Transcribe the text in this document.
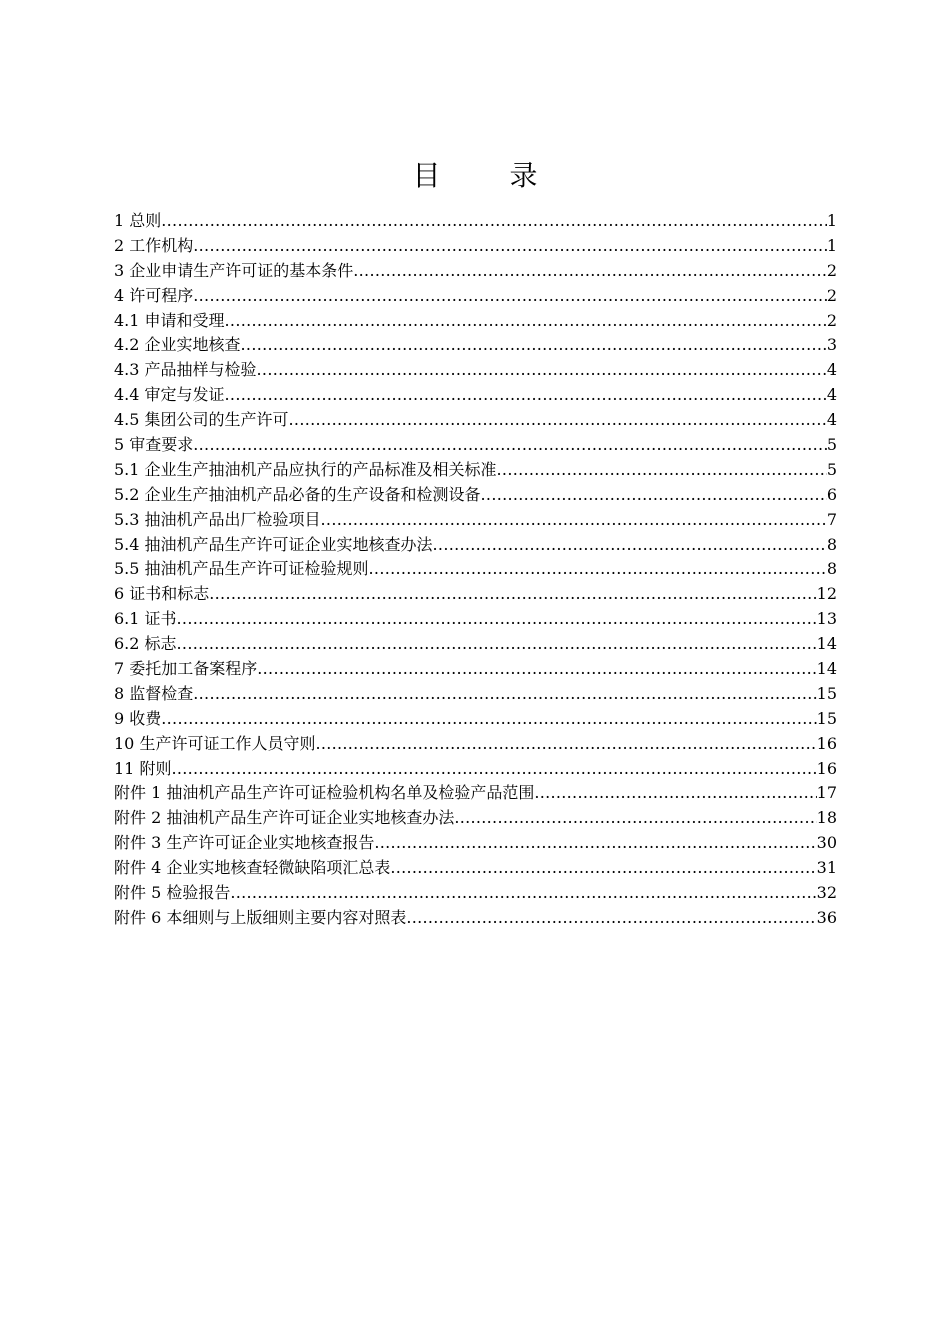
目 录
1 总则 .....	1
2 工作机构 .....	1
3 企业申请生产许可证的基本条件 .....	2
4 许可程序 .....	2
4.1 申请和受理 .....	2
4.2 企业实地核查 .....	3
4.3 产品抽样与检验 .....	4
4.4 审定与发证 .....	4
4.5 集团公司的生产许可 .....	4
5 审查要求 .....	5
5.1 企业生产抽油机产品应执行的产品标准及相关标准 .....	5
5.2 企业生产抽油机产品必备的生产设备和检测设备 .....	6
5.3 抽油机产品出厂检验项目 .....	7
5.4 抽油机产品生产许可证企业实地核查办法 .....	8
5.5 抽油机产品生产许可证检验规则 .....	8
6 证书和标志 .....	12
6.1 证书 .....	13
6.2 标志 .....	14
7 委托加工备案程序 .....	14
8 监督检查 .....	15
9 收费 .....	15
10 生产许可证工作人员守则 .....	16
11 附则 .....	16
附件 1 抽油机产品生产许可证检验机构名单及检验产品范围 .....	17
附件 2 抽油机产品生产许可证企业实地核查办法 .....	18
附件 3 生产许可证企业实地核查报告 .....	30
附件 4 企业实地核查轻微缺陷项汇总表 .....	31
附件 5 检验报告 .....	32
附件 6 本细则与上版细则主要内容对照表 .....	36
